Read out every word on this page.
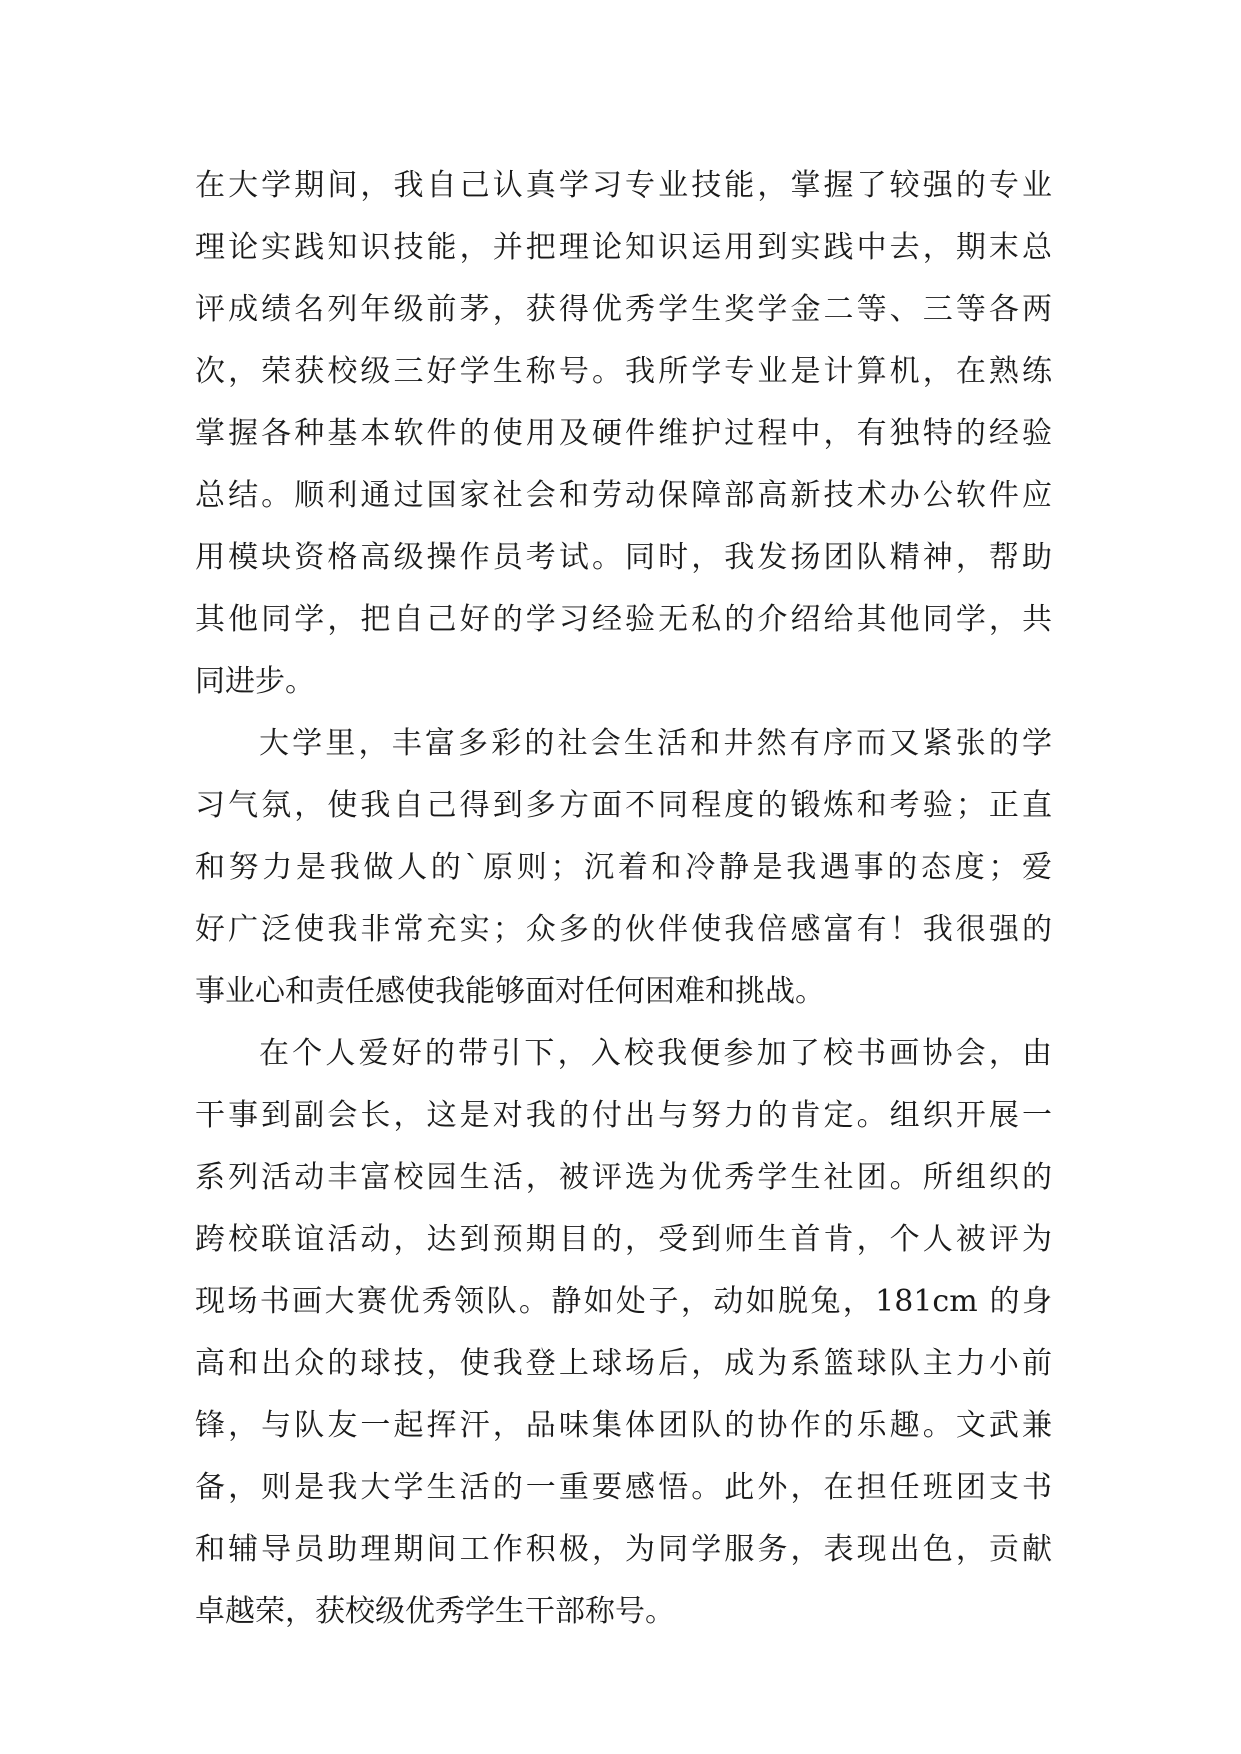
在大学期间，我自己认真学习专业技能，掌握了较强的专业
理论实践知识技能，并把理论知识运用到实践中去，期末总
评成绩名列年级前茅，获得优秀学生奖学金二等、三等各两
次，荣获校级三好学生称号。我所学专业是计算机，在熟练
掌握各种基本软件的使用及硬件维护过程中，有独特的经验
总结。顺利通过国家社会和劳动保障部高新技术办公软件应
用模块资格高级操作员考试。同时，我发扬团队精神，帮助
其他同学，把自己好的学习经验无私的介绍给其他同学，共
同进步。
大学里，丰富多彩的社会生活和井然有序而又紧张的学
习气氛，使我自己得到多方面不同程度的锻炼和考验；正直
和努力是我做人的`原则；沉着和冷静是我遇事的态度；爱
好广泛使我非常充实；众多的伙伴使我倍感富有！我很强的
事业心和责任感使我能够面对任何困难和挑战。
在个人爱好的带引下，入校我便参加了校书画协会，由
干事到副会长，这是对我的付出与努力的肯定。组织开展一
系列活动丰富校园生活，被评选为优秀学生社团。所组织的
跨校联谊活动，达到预期目的，受到师生首肯，个人被评为
现场书画大赛优秀领队。静如处子，动如脱兔，181cm 的身
高和出众的球技，使我登上球场后，成为系篮球队主力小前
锋，与队友一起挥汗，品味集体团队的协作的乐趣。文武兼
备，则是我大学生活的一重要感悟。此外，在担任班团支书
和辅导员助理期间工作积极，为同学服务，表现出色，贡献
卓越荣，获校级优秀学生干部称号。
